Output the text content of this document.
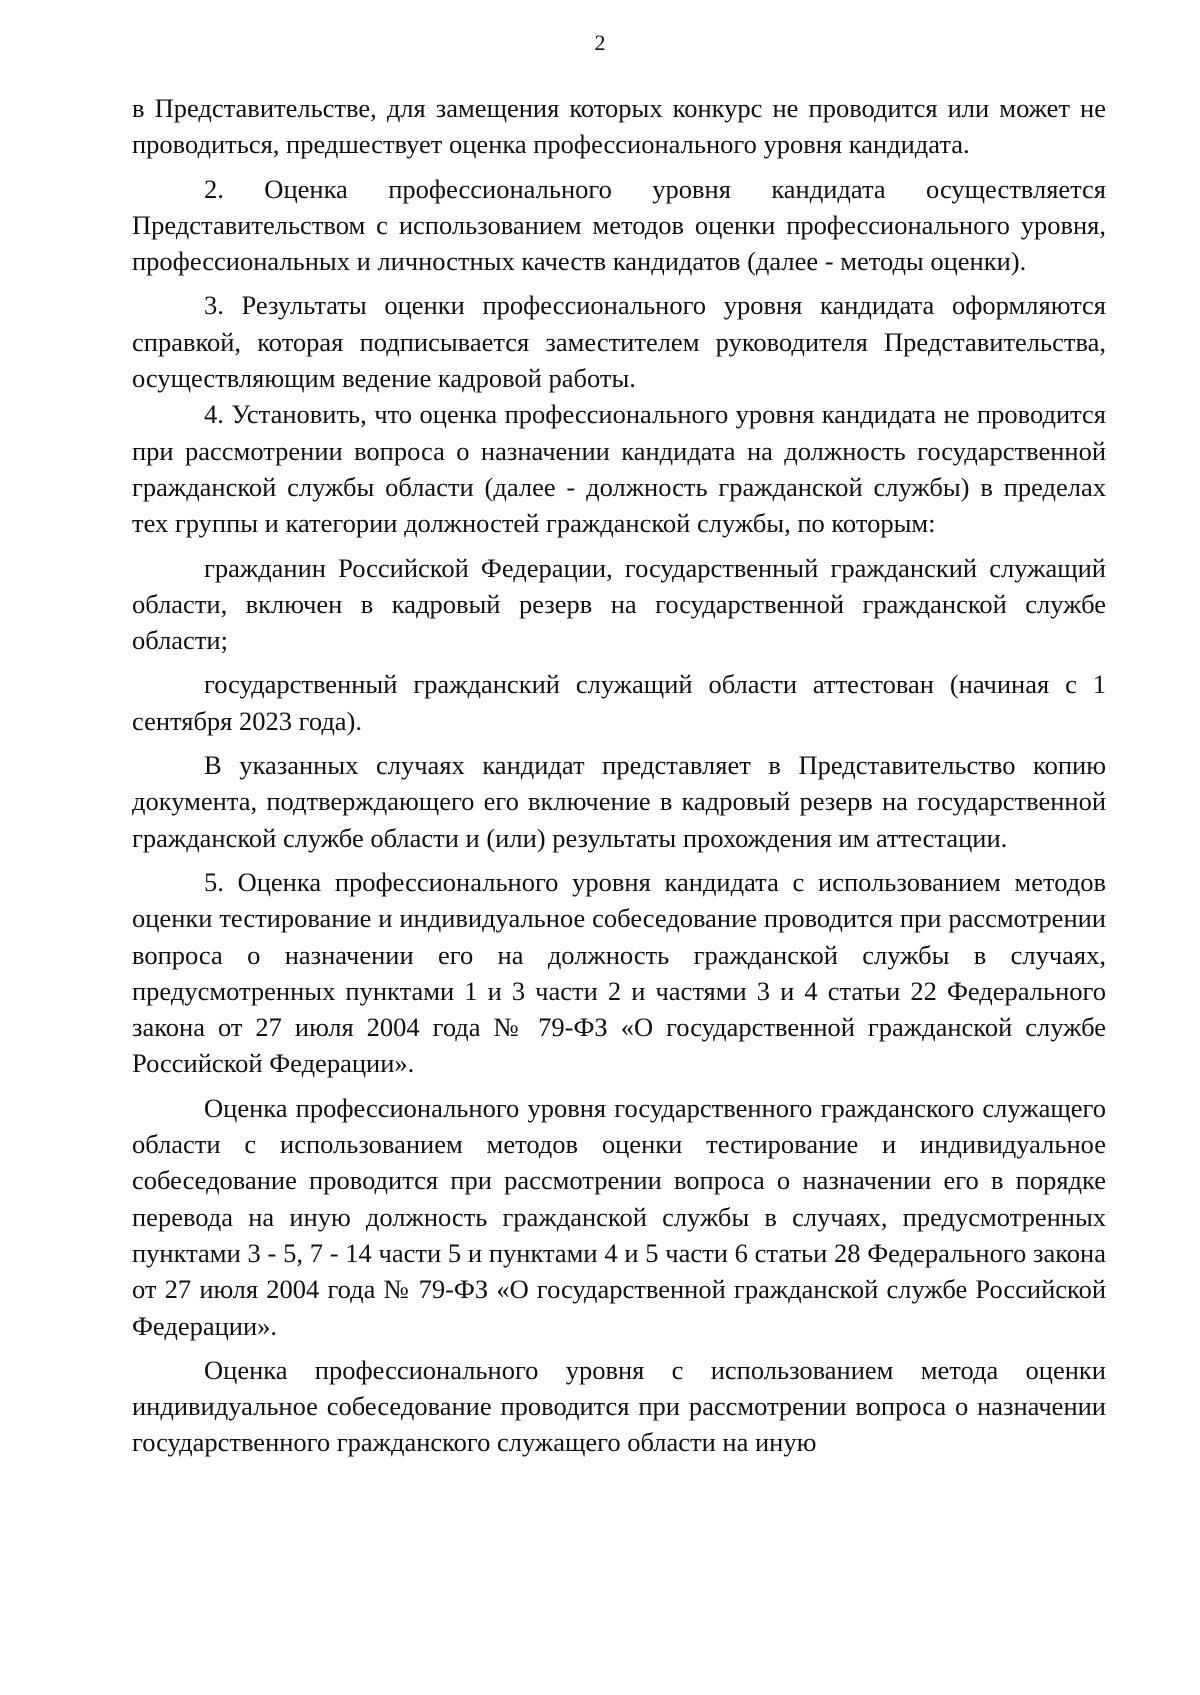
2

в Представительстве, для замещения которых конкурс не проводится или может не проводиться, предшествует оценка профессионального уровня кандидата.

2. Оценка профессионального уровня кандидата осуществляется Представительством с использованием методов оценки профессионального уровня, профессиональных и личностных качеств кандидатов (далее - методы оценки).

3. Результаты оценки профессионального уровня кандидата оформляются справкой, которая подписывается заместителем руководителя Представительства, осуществляющим ведение кадровой работы.

4. Установить, что оценка профессионального уровня кандидата не проводится при рассмотрении вопроса о назначении кандидата на должность государственной гражданской службы области (далее - должность гражданской службы) в пределах тех группы и категории должностей гражданской службы, по которым:

гражданин Российской Федерации, государственный гражданский служащий области, включен в кадровый резерв на государственной гражданской службе области;

государственный гражданский служащий области аттестован (начиная с 1 сентября 2023 года).

В указанных случаях кандидат представляет в Представительство копию документа, подтверждающего его включение в кадровый резерв на государственной гражданской службе области и (или) результаты прохождения им аттестации.

5. Оценка профессионального уровня кандидата с использованием методов оценки тестирование и индивидуальное собеседование проводится при рассмотрении вопроса о назначении его на должность гражданской службы в случаях, предусмотренных пунктами 1 и 3 части 2 и частями 3 и 4 статьи 22 Федерального закона от 27 июля 2004 года № 79-ФЗ «О государственной гражданской службе Российской Федерации».

Оценка профессионального уровня государственного гражданского служащего области с использованием методов оценки тестирование и индивидуальное собеседование проводится при рассмотрении вопроса о назначении его в порядке перевода на иную должность гражданской службы в случаях, предусмотренных пунктами 3 - 5, 7 - 14 части 5 и пунктами 4 и 5 части 6 статьи 28 Федерального закона от 27 июля 2004 года № 79-ФЗ «О государственной гражданской службе Российской Федерации».

Оценка профессионального уровня с использованием метода оценки индивидуальное собеседование проводится при рассмотрении вопроса о назначении государственного гражданского служащего области на иную
